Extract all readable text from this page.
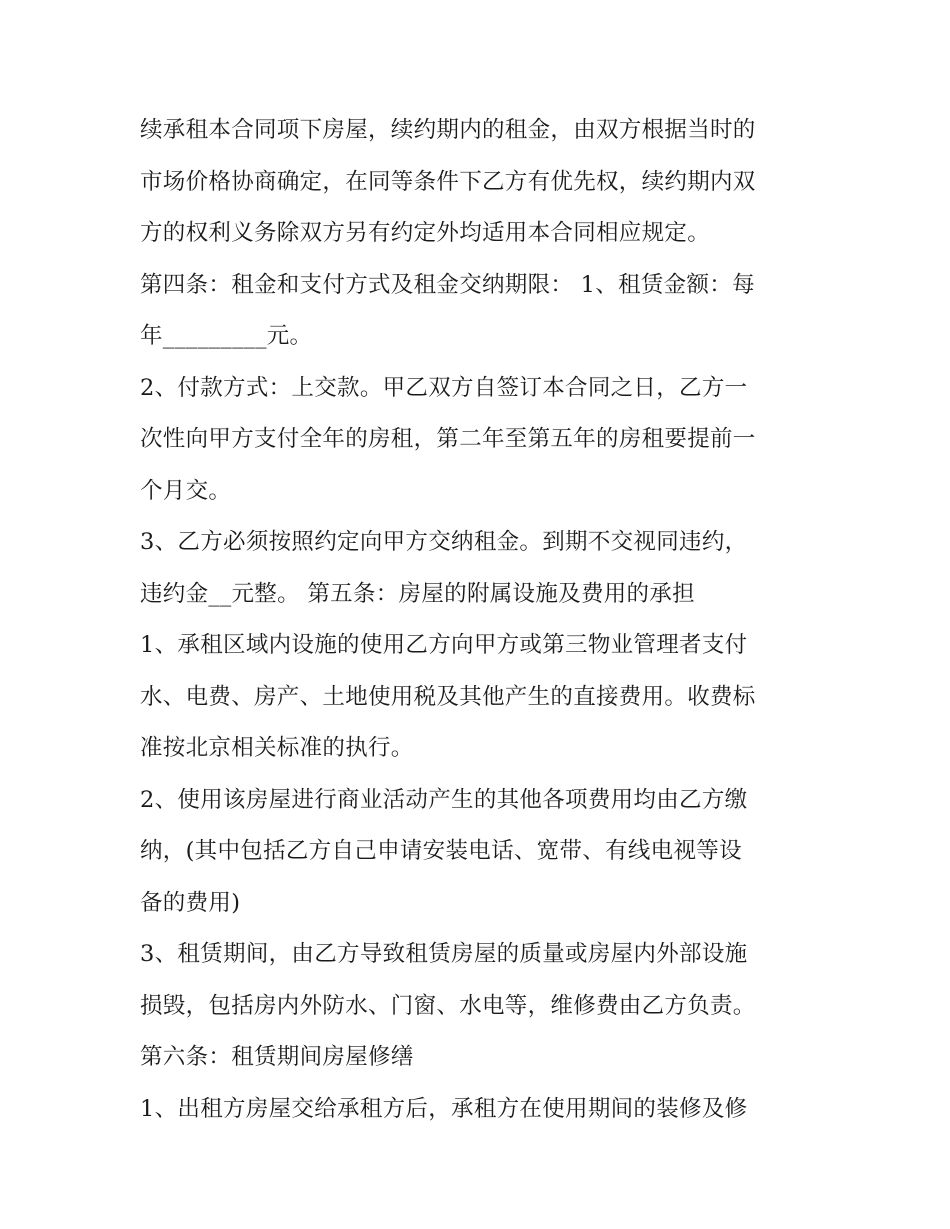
续承租本合同项下房屋，续约期内的租金，由双方根据当时的
市场价格协商确定，在同等条件下乙方有优先权，续约期内双
方的权利义务除双方另有约定外均适用本合同相应规定。
第四条：租金和支付方式及租金交纳期限： 1、租赁金额：每
年_________元。
2、付款方式：上交款。甲乙双方自签订本合同之日，乙方一
次性向甲方支付全年的房租，第二年至第五年的房租要提前一
个月交。
3、乙方必须按照约定向甲方交纳租金。到期不交视同违约，
违约金__元整。 第五条：房屋的附属设施及费用的承担
1、承租区域内设施的使用乙方向甲方或第三物业管理者支付
水、电费、房产、土地使用税及其他产生的直接费用。收费标
准按北京相关标准的执行。
2、使用该房屋进行商业活动产生的其他各项费用均由乙方缴
纳，(其中包括乙方自己申请安装电话、宽带、有线电视等设
备的费用)
3、租赁期间，由乙方导致租赁房屋的质量或房屋内外部设施
损毁，包括房内外防水、门窗、水电等，维修费由乙方负责。
第六条：租赁期间房屋修缮
1、出租方房屋交给承租方后，承租方在使用期间的装修及修
